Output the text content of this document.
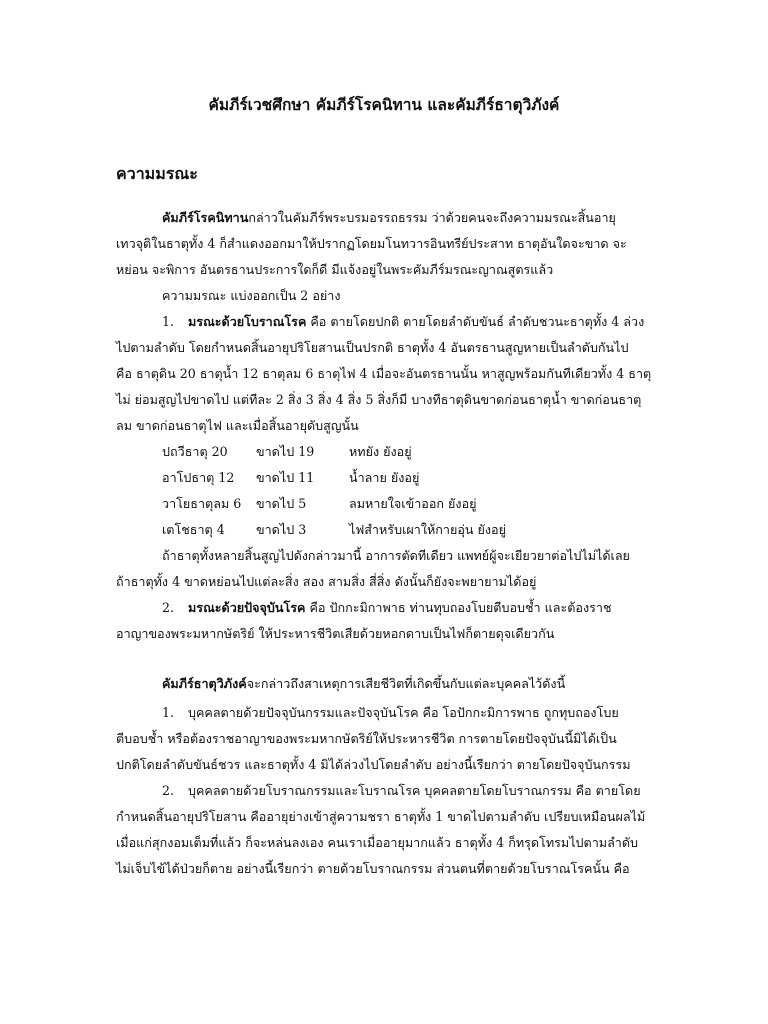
คัมภีร์เวชศึกษา คัมภีร์โรคนิทาน และคัมภีร์ธาตุวิภังค์
ความมรณะ
คัมภีร์โรคนิทานกล่าวในคัมภีร์พระบรมอรรถธรรม ว่าด้วยคนจะถึงความมรณะสิ้นอายุ
เทวจุติในธาตุทั้ง 4 ก็สำแดงออกมาให้ปรากฏโดยมโนทวารอินทรีย์ประสาท ธาตุอันใดจะขาด จะ
หย่อน จะพิการ อันตรธานประการใดก็ดี มีแจ้งอยู่ในพระคัมภีร์มรณะญาณสูตรแล้ว
ความมรณะ แบ่งออกเป็น 2 อย่าง
1. มรณะด้วยโบราณโรค คือ ตายโดยปกติ ตายโดยลำดับขันธ์ ลำดับชวนะธาตุทั้ง 4 ล่วง
ไปตามลำดับ โดยกำหนดสิ้นอายุปริโยสานเป็นปรกติ ธาตุทั้ง 4 อันตรธานสูญหายเป็นลำดับกันไป
คือ ธาตุดิน 20 ธาตุน้ำ 12 ธาตุลม 6 ธาตุไฟ 4 เมื่อจะอันตรธานนั้น หาสูญพร้อมกันทีเดียวทั้ง 4 ธาตุ
ไม่ ย่อมสูญไปขาดไป แต่ทีละ 2 สิ่ง 3 สิ่ง 4 สิ่ง 5 สิ่งก็มี บางทีธาตุดินขาดก่อนธาตุน้ำ ขาดก่อนธาตุ
ลม ขาดก่อนธาตุไฟ และเมื่อสิ้นอายุดับสูญนั้น
ปถวีธาตุ 20 ขาดไป 19	หทยัง ยังอยู่
อาโปธาตุ 12 ขาดไป 11	น้ำลาย ยังอยู่
วาโยธาตุลม 6 ขาดไป 5	ลมหายใจเข้าออก ยังอยู่
เตโชธาตุ 4 ขาดไป 3	ไฟสำหรับเผาให้กายอุ่น ยังอยู่
ถ้าธาตุทั้งหลายสิ้นสูญไปดังกล่าวมานี้ อาการตัดทีเดียว แพทย์ผู้จะเยียวยาต่อไปไม่ได้เลย
ถ้าธาตุทั้ง 4 ขาดหย่อนไปแต่ละสิ่ง สอง สามสิ่ง สี่สิ่ง ดังนั้นก็ยังจะพยายามได้อยู่
2. มรณะด้วยปัจจุบันโรค คือ ปักกะมิกาพาธ ท่านทุบถองโบยตีบอบช้ำ และต้องราช
อาญาของพระมหากษัตริย์ ให้ประหารชีวิตเสียด้วยหอกดาบเป็นไฟก็ตายดุจเดียวกัน
คัมภีร์ธาตุวิภังค์จะกล่าวถึงสาเหตุการเสียชีวิตที่เกิดขึ้นกับแต่ละบุคคลไว้ดังนี้
1. บุคคลตายด้วยปัจจุบันกรรมและปัจจุบันโรค คือ โอปักกะมิการพาธ ถูกทุบถองโบย
ตีบอบช้ำ หรือต้องราชอาญาของพระมหากษัตริย์ให้ประหารชีวิต การตายโดยปัจจุบันนี้มิได้เป็น
ปกติโดยลำดับขันธ์ชวร และธาตุทั้ง 4 มิได้ล่วงไปโดยลำดับ อย่างนี้เรียกว่า ตายโดยปัจจุบันกรรม
2. บุคคลตายด้วยโบราณกรรมและโบราณโรค บุคคลตายโดยโบราณกรรม คือ ตายโดย
กำหนดสิ้นอายุปริโยสาน คืออายุย่างเข้าสู่ความชรา ธาตุทั้ง 1 ขาดไปตามลำดับ เปรียบเหมือนผลไม้
เมื่อแก่สุกงอมเต็มที่แล้ว ก็จะหล่นลงเอง คนเราเมื่ออายุมากแล้ว ธาตุทั้ง 4 ก็ทรุดโทรมไปตามลำดับ
ไม่เจ็บไข้ได้ป่วยก็ตาย อย่างนี้เรียกว่า ตายด้วยโบราณกรรม ส่วนตนที่ตายด้วยโบราณโรคนั้น คือ
